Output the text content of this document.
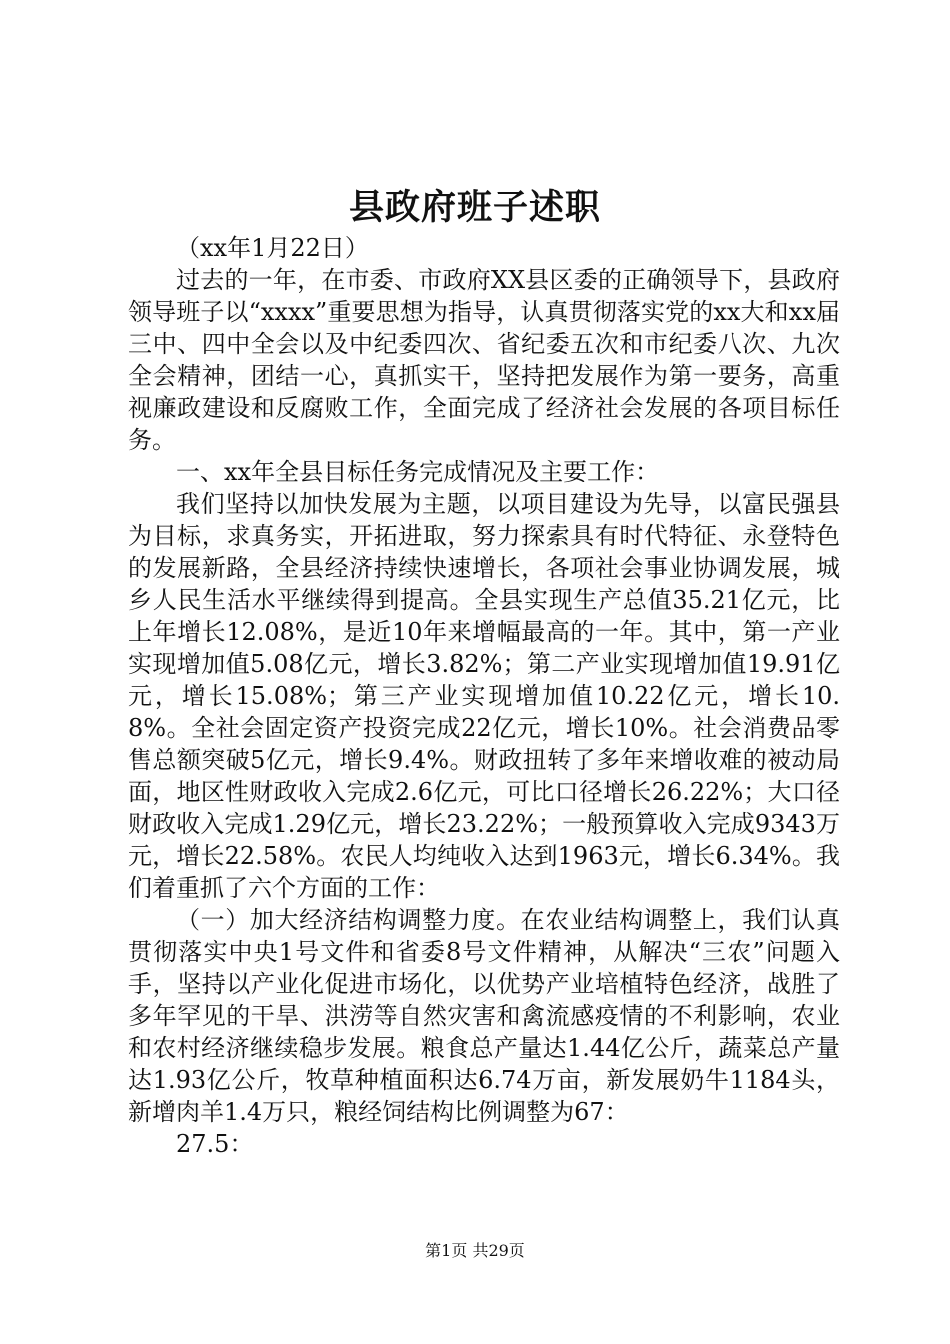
县政府班子述职

（xx年1月22日）

过去的一年，在市委、市政府XX县区委的正确领导下，县政府领导班子以“xxxx”重要思想为指导，认真贯彻落实党的xx大和xx届三中、四中全会以及中纪委四次、省纪委五次和市纪委八次、九次全会精神，团结一心，真抓实干，坚持把发展作为第一要务，高重视廉政建设和反腐败工作，全面完成了经济社会发展的各项目标任务。

一、xx年全县目标任务完成情况及主要工作：

我们坚持以加快发展为主题，以项目建设为先导，以富民强县为目标，求真务实，开拓进取，努力探索具有时代特征、永登特色的发展新路，全县经济持续快速增长，各项社会事业协调发展，城乡人民生活水平继续得到提高。全县实现生产总值35.21亿元，比上年增长12.08%，是近10年来增幅最高的一年。其中，第一产业实现增加值5.08亿元，增长3.82%；第二产业实现增加值19.91亿元，增长15.08%；第三产业实现增加值10.22亿元，增长10.8%。全社会固定资产投资完成22亿元，增长10%。社会消费品零售总额突破5亿元，增长9.4%。财政扭转了多年来增收难的被动局面，地区性财政收入完成2.6亿元，可比口径增长26.22%；大口径财政收入完成1.29亿元，增长23.22%；一般预算收入完成9343万元，增长22.58%。农民人均纯收入达到1963元，增长6.34%。我们着重抓了六个方面的工作：

（一）加大经济结构调整力度。在农业结构调整上，我们认真贯彻落实中央1号文件和省委8号文件精神，从解决“三农”问题入手，坚持以产业化促进市场化，以优势产业培植特色经济，战胜了多年罕见的干旱、洪涝等自然灾害和禽流感疫情的不利影响，农业和农村经济继续稳步发展。粮食总产量达1.44亿公斤，蔬菜总产量达1.93亿公斤，牧草种植面积达6.74万亩，新发展奶牛1184头，新增肉羊1.4万只，粮经饲结构比例调整为67：

27.5：

第1页 共29页
